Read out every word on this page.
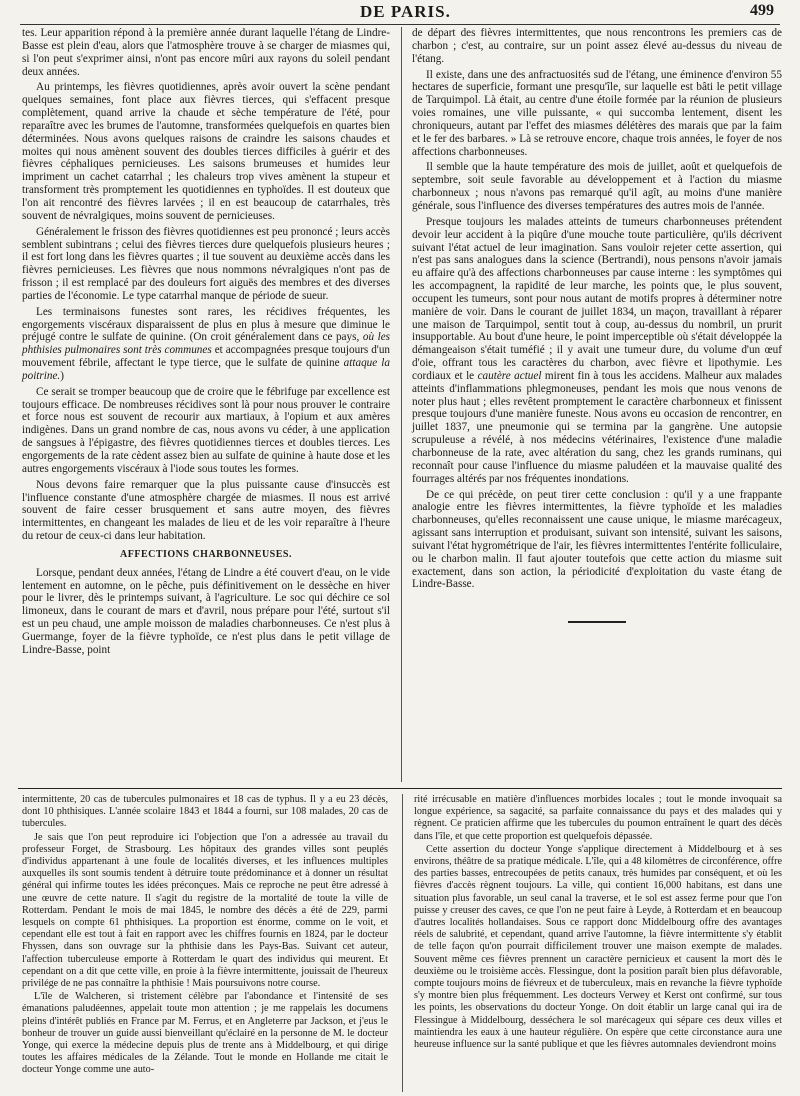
DE PARIS.	499

tes. Leur apparition répond à la première année durant laquelle l'étang de Lindre-Basse est plein d'eau, alors que l'atmosphère trouve à se charger de miasmes qui, si l'on peut s'exprimer ainsi, n'ont pas encore mûri aux rayons du soleil pendant deux années.

Au printemps, les fièvres quotidiennes, après avoir ouvert la scène pendant quelques semaines, font place aux fièvres tierces, qui s'effacent presque complètement, quand arrive la chaude et sèche température de l'été, pour reparaître avec les brumes de l'automne, transformées quelquefois en quartes bien déterminées. Nous avons quelques raisons de craindre les saisons chaudes et moites qui nous amènent souvent des doubles tierces difficiles à guérir et des fièvres céphaliques pernicieuses. Les saisons brumeuses et humides leur impriment un cachet catarrhal ; les chaleurs trop vives amènent la stupeur et transforment très promptement les quotidiennes en typhoïdes. Il est douteux que l'on ait rencontré des fièvres larvées ; il en est beaucoup de catarrhales, très souvent de névralgiques, moins souvent de pernicieuses.

Généralement le frisson des fièvres quotidiennes est peu prononcé ; leurs accès semblent subintrans ; celui des fièvres tierces dure quelquefois plusieurs heures ; il est fort long dans les fièvres quartes ; il tue souvent au deuxième accès dans les fièvres pernicieuses. Les fièvres que nous nommons névralgiques n'ont pas de frisson ; il est remplacé par des douleurs fort aiguës des membres et des diverses parties de l'économie. Le type catarrhal manque de période de sueur.

Les terminaisons funestes sont rares, les récidives fréquentes, les engorgements viscéraux disparaissent de plus en plus à mesure que diminue le préjugé contre le sulfate de quinine. (On croit généralement dans ce pays, où les phthisies pulmonaires sont très communes et accompagnées presque toujours d'un mouvement fébrile, affectant le type tierce, que le sulfate de quinine attaque la poitrine.)

Ce serait se tromper beaucoup que de croire que le fébrifuge par excellence est toujours efficace. De nombreuses récidives sont là pour nous prouver le contraire et force nous est souvent de recourir aux martiaux, à l'opium et aux amères indigènes. Dans un grand nombre de cas, nous avons vu céder, à une application de sangsues à l'épigastre, des fièvres quotidiennes tierces et doubles tierces. Les engorgements de la rate cèdent assez bien au sulfate de quinine à haute dose et les autres engorgements viscéraux à l'iode sous toutes les formes.

Nous devons faire remarquer que la plus puissante cause d'insuccès est l'influence constante d'une atmosphère chargée de miasmes. Il nous est arrivé souvent de faire cesser brusquement et sans autre moyen, des fièvres intermittentes, en changeant les malades de lieu et de les voir reparaître à l'heure du retour de ceux-ci dans leur habitation.

AFFECTIONS CHARBONNEUSES.

Lorsque, pendant deux années, l'étang de Lindre a été couvert d'eau, on le vide lentement en automne, on le pêche, puis définitivement on le dessèche en hiver pour le livrer, dès le printemps suivant, à l'agriculture. Le soc qui déchire ce sol limoneux, dans le courant de mars et d'avril, nous prépare pour l'été, surtout s'il est un peu chaud, une ample moisson de maladies charbonneuses. Ce n'est plus à Guermange, foyer de la fièvre typhoïde, ce n'est plus dans le petit village de Lindre-Basse, point

de départ des fièvres intermittentes, que nous rencontrons les premiers cas de charbon ; c'est, au contraire, sur un point assez élevé au-dessus du niveau de l'étang.

Il existe, dans une des anfractuosités sud de l'étang, une éminence d'environ 55 hectares de superficie, formant une presqu'île, sur laquelle est bâti le petit village de Tarquimpol. Là était, au centre d'une étoile formée par la réunion de plusieurs voies romaines, une ville puissante, « qui succomba lentement, disent les chroniqueurs, autant par l'effet des miasmes délétères des marais que par la faim et le fer des barbares. » Là se retrouve encore, chaque trois années, le foyer de nos affections charbonneuses.

Il semble que la haute température des mois de juillet, août et quelquefois de septembre, soit seule favorable au développement et à l'action du miasme charbonneux ; nous n'avons pas remarqué qu'il agît, au moins d'une manière générale, sous l'influence des diverses températures des autres mois de l'année.

Presque toujours les malades atteints de tumeurs charbonneuses prétendent devoir leur accident à la piqûre d'une mouche toute particulière, qu'ils décrivent suivant l'état actuel de leur imagination. Sans vouloir rejeter cette assertion, qui n'est pas sans analogues dans la science (Bertrandi), nous pensons n'avoir jamais eu affaire qu'à des affections charbonneuses par cause interne : les symptômes qui les accompagnent, la rapidité de leur marche, les points que, le plus souvent, occupent les tumeurs, sont pour nous autant de motifs propres à déterminer notre manière de voir. Dans le courant de juillet 1834, un maçon, travaillant à réparer une maison de Tarquimpol, sentit tout à coup, au-dessus du nombril, un prurit insupportable. Au bout d'une heure, le point imperceptible où s'était développée la démangeaison s'était tuméfié ; il y avait une tumeur dure, du volume d'un œuf d'oie, offrant tous les caractères du charbon, avec fièvre et lipothymie. Les cordiaux et le cautère actuel mirent fin à tous les accidens. Malheur aux malades atteints d'inflammations phlegmoneuses, pendant les mois que nous venons de noter plus haut ; elles revêtent promptement le caractère charbonneux et finissent presque toujours d'une manière funeste. Nous avons eu occasion de rencontrer, en juillet 1837, une pneumonie qui se termina par la gangrène. Une autopsie scrupuleuse a révélé, à nos médecins vétérinaires, l'existence d'une maladie charbonneuse de la rate, avec altération du sang, chez les grands ruminans, qui reconnaît pour cause l'influence du miasme paludéen et la mauvaise qualité des fourrages altérés par nos fréquentes inondations.

De ce qui précède, on peut tirer cette conclusion : qu'il y a une frappante analogie entre les fièvres intermittentes, la fièvre typhoïde et les maladies charbonneuses, qu'elles reconnaissent une cause unique, le miasme marécageux, agissant sans interruption et produisant, suivant son intensité, suivant les saisons, suivant l'état hygrométrique de l'air, les fièvres intermittentes l'entérite folliculaire, ou le charbon malin. Il faut ajouter toutefois que cette action du miasme suit exactement, dans son action, la périodicité d'exploitation du vaste étang de Lindre-Basse.

intermittente, 20 cas de tubercules pulmonaires et 18 cas de typhus. Il y a eu 23 décès, dont 10 phthisiques. L'année scolaire 1843 et 1844 a fourni, sur 108 malades, 20 cas de tubercules.

Je sais que l'on peut reproduire ici l'objection que l'on a adressée au travail du professeur Forget, de Strasbourg. Les hôpitaux des grandes villes sont peuplés d'individus appartenant à une foule de localités diverses, et les influences multiples auxquelles ils sont soumis tendent à détruire toute prédominance et à donner un résultat général qui infirme toutes les idées préconçues. Mais ce reproche ne peut être adressé à une œuvre de cette nature. Il s'agit du registre de la mortalité de toute la ville de Rotterdam. Pendant le mois de mai 1845, le nombre des décès a été de 229, parmi lesquels on compte 61 phthisiques. La proportion est énorme, comme on le voit, et cependant elle est tout à fait en rapport avec les chiffres fournis en 1824, par le docteur Fhyssen, dans son ouvrage sur la phthisie dans les Pays-Bas. Suivant cet auteur, l'affection tuberculeuse emporte à Rotterdam le quart des individus qui meurent. Et cependant on a dit que cette ville, en proie à la fièvre intermittente, jouissait de l'heureux privilége de ne pas connaître la phthisie ! Mais poursuivons notre course.

L'île de Walcheren, si tristement célèbre par l'abondance et l'intensité de ses émanations paludéennes, appelait toute mon attention ; je me rappelais les documens pleins d'intérêt publiés en France par M. Ferrus, et en Angleterre par Jackson, et j'eus le bonheur de trouver un guide aussi bienveillant qu'éclairé en la personne de M. le docteur Yonge, qui exerce la médecine depuis plus de trente ans à Middelbourg, et qui dirige toutes les affaires médicales de la Zélande. Tout le monde en Hollande me citait le docteur Yonge comme une auto-

rité irrécusable en matière d'influences morbides locales ; tout le monde invoquait sa longue expérience, sa sagacité, sa parfaite connaissance du pays et des malades qui y règnent. Ce praticien affirme que les tubercules du poumon entraînent le quart des décès dans l'île, et que cette proportion est quelquefois dépassée.

Cette assertion du docteur Yonge s'applique directement à Middelbourg et à ses environs, théâtre de sa pratique médicale. L'île, qui a 48 kilomètres de circonférence, offre des parties basses, entrecoupées de petits canaux, très humides par conséquent, et où les fièvres d'accès règnent toujours. La ville, qui contient 16,000 habitans, est dans une situation plus favorable, un seul canal la traverse, et le sol est assez ferme pour que l'on puisse y creuser des caves, ce que l'on ne peut faire à Leyde, à Rotterdam et en beaucoup d'autres localités hollandaises. Sous ce rapport donc Middelbourg offre des avantages réels de salubrité, et cependant, quand arrive l'automne, la fièvre intermittente s'y établit de telle façon qu'on pourrait difficilement trouver une maison exempte de malades. Souvent même ces fièvres prennent un caractère pernicieux et causent la mort dès le deuxième ou le troisième accès. Flessingue, dont la position paraît bien plus défavorable, compte toujours moins de fiévreux et de tuberculeux, mais en revanche la fièvre typhoïde s'y montre bien plus fréquemment. Les docteurs Verwey et Kerst ont confirmé, sur tous les points, les observations du docteur Yonge. On doit établir un large canal qui ira de Flessingue à Middelbourg, desséchera le sol marécageux qui sépare ces deux villes et maintiendra les eaux à une hauteur régulière. On espère que cette circonstance aura une heureuse influence sur la santé publique et que les fièvres automnales deviendront moins
